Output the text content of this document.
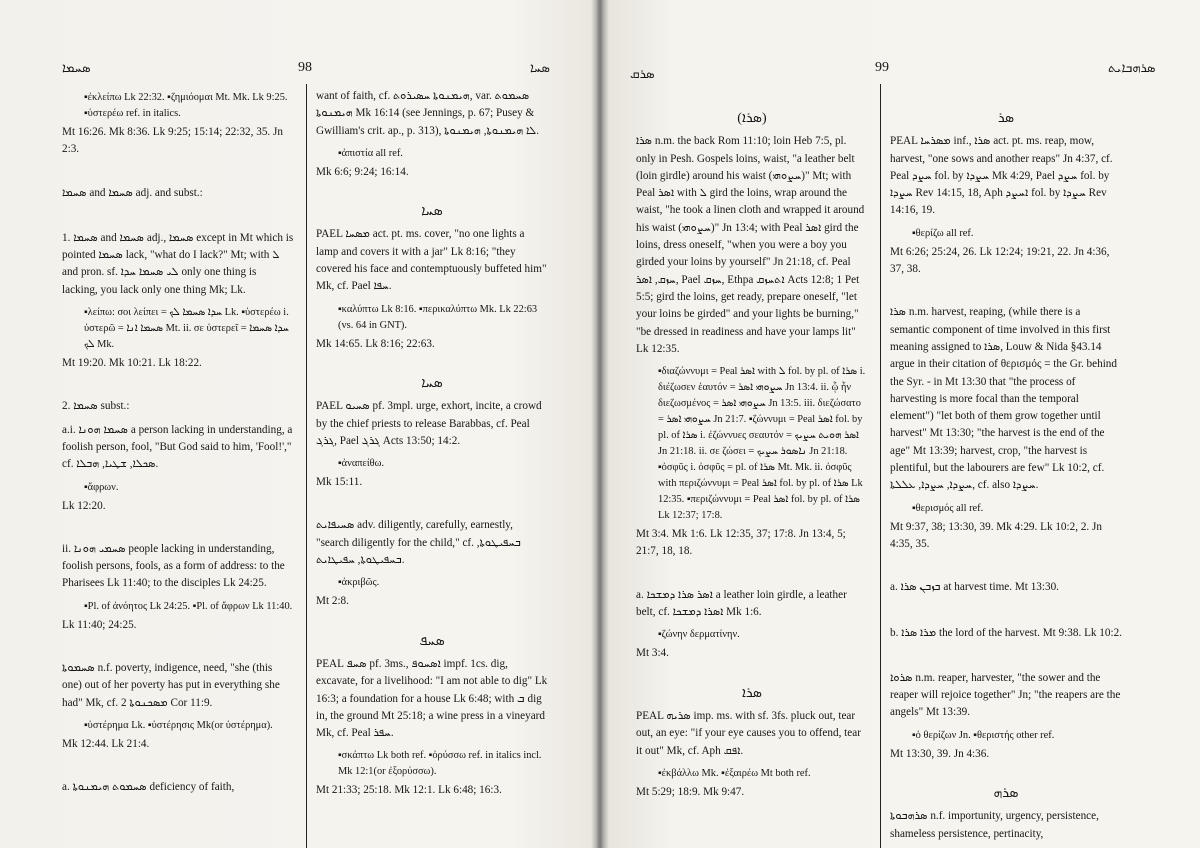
ܣܚܡܐ	98	ܣܚܐ
▪ἐκλείπω Lk 22:32. ▪ζημιόομαι Mt. Mk. Lk 9:25. ▪ὑστερέω ref. in italics.
Mt 16:26. Mk 8:36. Lk 9:25; 15:14; 22:32, 35. Jn 2:3.
ܣܚܡܐ and ܣܚܡܐ adj. and subst.:
1. ܣܚܡܐ and ܣܚܡܐ adj., ܣܚܡܐ except in Mt which is pointed ܣܚܡܐ lack, "what do I lack?" Mt; with ܠ and pron. sf. ܠܝ ܣܚܡܐ ܚܕܐ only one thing is lacking, you lack only one thing Mk; Lk.
▪λείπω: σοι λείπει = ܚܕܐ ܣܚܡܐ ܠܟ Lk. ▪ὑστερέω i. ὑστερῶ = ܣܚܡܐ ܐܢܐ Mt. ii. σε ὑστερεῖ = ܚܕܐ ܣܚܡܐ ܠܟ Mk.
Mt 19:20. Mk 10:21. Lk 18:22.
2. ܣܚܡܐ subst.:
a.i. ܣܚܡܐ ܗܘܢܐ a person lacking in understanding, a foolish person, fool, "But God said to him, 'Fool!'," cf. ܣܟܠܐ, ܫܛܝܐ, ܗܒܠܐ.
▪ἄφρων.
Lk 12:20.
ii. ܣܚܡܝ ܗܘܢܐ people lacking in understanding, foolish persons, fools, as a form of address: to the Pharisees Lk 11:40; to the disciples Lk 24:25.
▪Pl. of ἀνόητος Lk 24:25. ▪Pl. of ἄφρων Lk 11:40.
Lk 11:40; 24:25.
ܣܚܡܘܬܐ n.f. poverty, indigence, need, "she (this one) out of her poverty has put in everything she had" Mk, cf. ܡܣܟܢܘܬܐ 2 Cor 11:9.
▪ὑστέρημα Lk. ▪ὑστέρησις Mk(or ὑστέρημα).
Mk 12:44. Lk 21:4.
a. ܣܚܡܘܬ ܗܝܡܢܘܬܐ deficiency of faith,
want of faith, cf. ܗܝܡܢܘܬܐ ܚܣܝܪܘܬ, var. ܣܚܡܘܬ ܗܝܡܢܘܬܐ Mk 16:14 (see Jennings, p. 67; Pusey & Gwilliam's crit. ap., p. 313), ܠܐ ܗܝܡܢܘܬܐ, ܗܝܡܢܘܬܐ.
▪ἀπιστία all ref.
Mk 6:6; 9:24; 16:14.
ܣܚܐ
PAEL ܡܣܚܐ act. pt. ms. cover, "no one lights a lamp and covers it with a jar" Lk 8:16; "they covered his face and contemptuously buffeted him" Mk, cf. Pael ܚܦܐ.
▪καλύπτω Lk 8:16. ▪περικαλύπτω Mk. Lk 22:63 (vs. 64 in GNT).
Mk 14:65. Lk 8:16; 22:63.
ܣܚܐ
PAEL ܣܚܝܘ pf. 3mpl. urge, exhort, incite, a crowd by the chief priests to release Barabbas, cf. Peal ܓܪܓ, Pael ܓܪܓ Acts 13:50; 14:2.
▪ἀναπείθω.
Mk 15:11.
ܣܚܝܦܐܝܬ adv. diligently, carefully, earnestly, "search diligently for the child," cf. ܒܚܦܝܛܘܬܐ, ܒܚܦܝܛܘܬܐ, ܚܦܝܛܐܝܬ.
▪ἀκριβῶς.
Mt 2:8.
ܣܚܦ
PEAL ܣܚܦ pf. 3ms., ܐܣܚܘܦ impf. 1cs. dig, excavate, for a livelihood: "I am not able to dig" Lk 16:3; a foundation for a house Lk 6:48; with ܒ dig in, the ground Mt 25:18; a wine press in a vineyard Mk, cf. Peal ܚܦܪ.
▪σκάπτω Lk both ref. ▪ὀρύσσω ref. in italics incl. Mk 12:1(or ἐξορύσσω).
Mt 21:33; 25:18. Mk 12:1. Lk 6:48; 16:3.
ܣܪܩ	99	ܣܪܗܒܐܝܬ
(ܣܪܐ)
ܣܪܐ n.m. the back Rom 11:10; loin Heb 7:5, pl. only in Pesh. Gospels loins, waist, "a leather belt (loin girdle) around his waist (ܚܨܘܗܝ)" Mt; with Peal ܐܣܪ with ܠ gird the loins, wrap around the waist, "he took a linen cloth and wrapped it around his waist (ܚܨܘܗܝ)" Jn 13:4; with Peal ܐܣܪ gird the loins, dress oneself, "when you were a boy you girded your loins by yourself" Jn 21:18, cf. Peal ܚܙܩ, ܐܣܪ, Pael ܚܙܩ, Ethpa ܐܬܚܙܩ Acts 12:8; 1 Pet 5:5; gird the loins, get ready, prepare oneself, "let your loins be girded" and your lights be burning," "be dressed in readiness and have your lamps lit" Lk 12:35.
▪διαζώννυμι = Peal ܐܣܪ with ܠ fol. by pl. of ܣܪܐ i. διέζωσεν ἑαυτόν = ܚܨܘܗܝ ܐܣܪ Jn 13:4. ii. ᾧ ἦν διεζωσμένος = ܚܨܘܗܝ ܐܣܪ Jn 13:5. iii. διεζώσατο = ܚܨܘܗܝ ܐܣܪ Jn 21:7. ▪ζώννυμι = Peal ܐܣܪ fol. by pl. of ܣܪܐ i. ἐζώννυες σεαυτόν = ܐܣܪ ܗܘܝܬ ܚܨܝܟ Jn 21:18. ii. σε ζώσει = ܢܐܣܘܪ ܚܨܝܟ Jn 21:18. ▪ὀσφῦς i. ὀσφῦς = pl. of ܣܪܐ Mt. Mk. ii. ὀσφῦς with περιζώννυμι = Peal ܐܣܪ fol. by pl. of ܣܪܐ Lk 12:35. ▪περιζώννυμι = Peal ܐܣܪ fol. by pl. of ܣܪܐ Lk 12:37; 17:8.
Mt 3:4. Mk 1:6. Lk 12:35, 37; 17:8. Jn 13:4, 5; 21:7, 18, 18.
a. ܐܣܪ ܣܪܐ ܕܡܫܟܐ a leather loin girdle, a leather belt, cf. ܐܣܪܐ ܕܡܫܟܐ Mk 1:6.
▪ζώνην δερματίνην.
Mt 3:4.
ܣܪܐ
PEAL ܣܪܝܗ imp. ms. with sf. 3fs. pluck out, tear out, an eye: "if your eye causes you to offend, tear it out" Mk, cf. Aph ܐܦܩ.
▪ἐκβάλλω Mk. ▪ἐξαιρέω Mt both ref.
Mt 5:29; 18:9. Mk 9:47.
ܣܪ
PEAL ܡܣܪܚܐ inf., ܣܪܐ act. pt. ms. reap, mow, harvest, "one sows and another reaps" Jn 4:37, cf. Peal ܚܨܕ fol. by ܚܨܕܐ Mk 4:29, Pael ܚܨܕ fol. by ܚܨܕܐ Rev 14:15, 18, Aph ܐܚܨܕ fol. by ܚܨܕܐ Rev 14:16, 19.
▪θερίζω all ref.
Mt 6:26; 25:24, 26. Lk 12:24; 19:21, 22. Jn 4:36, 37, 38.
ܣܪܐ n.m. harvest, reaping, (while there is a semantic component of time involved in this first meaning assigned to ܣܪܐ, Louw & Nida §43.14 argue in their citation of θερισμός = the Gr. behind the Syr. - in Mt 13:30 that "the process of harvesting is more focal than the temporal element") "let both of them grow together until harvest" Mt 13:30; "the harvest is the end of the age" Mt 13:39; harvest, crop, "the harvest is plentiful, but the labourers are few" Lk 10:2, cf. ܚܨܕܐ, ܚܨܕܐ, ܥܠܠܬܐ, cf. also ܚܨܕܐ.
▪θερισμός all ref.
Mt 9:37, 38; 13:30, 39. Mk 4:29. Lk 10:2, 2. Jn 4:35, 35.
a. ܒܙܒܢ ܣܪܐ at harvest time. Mt 13:30.
b. ܡܪܐ ܣܪܐ the lord of the harvest. Mt 9:38. Lk 10:2.
ܣܪܘܐ n.m. reaper, harvester, "the sower and the reaper will rejoice together" Jn; "the reapers are the angels" Mt 13:39.
▪ὁ θερίζων Jn. ▪θεριστής other ref.
Mt 13:30, 39. Jn 4:36.
ܣܪܗ
ܣܪܗܒܘܬܐ n.f. importunity, urgency, persistence, shameless persistence, pertinacity,
